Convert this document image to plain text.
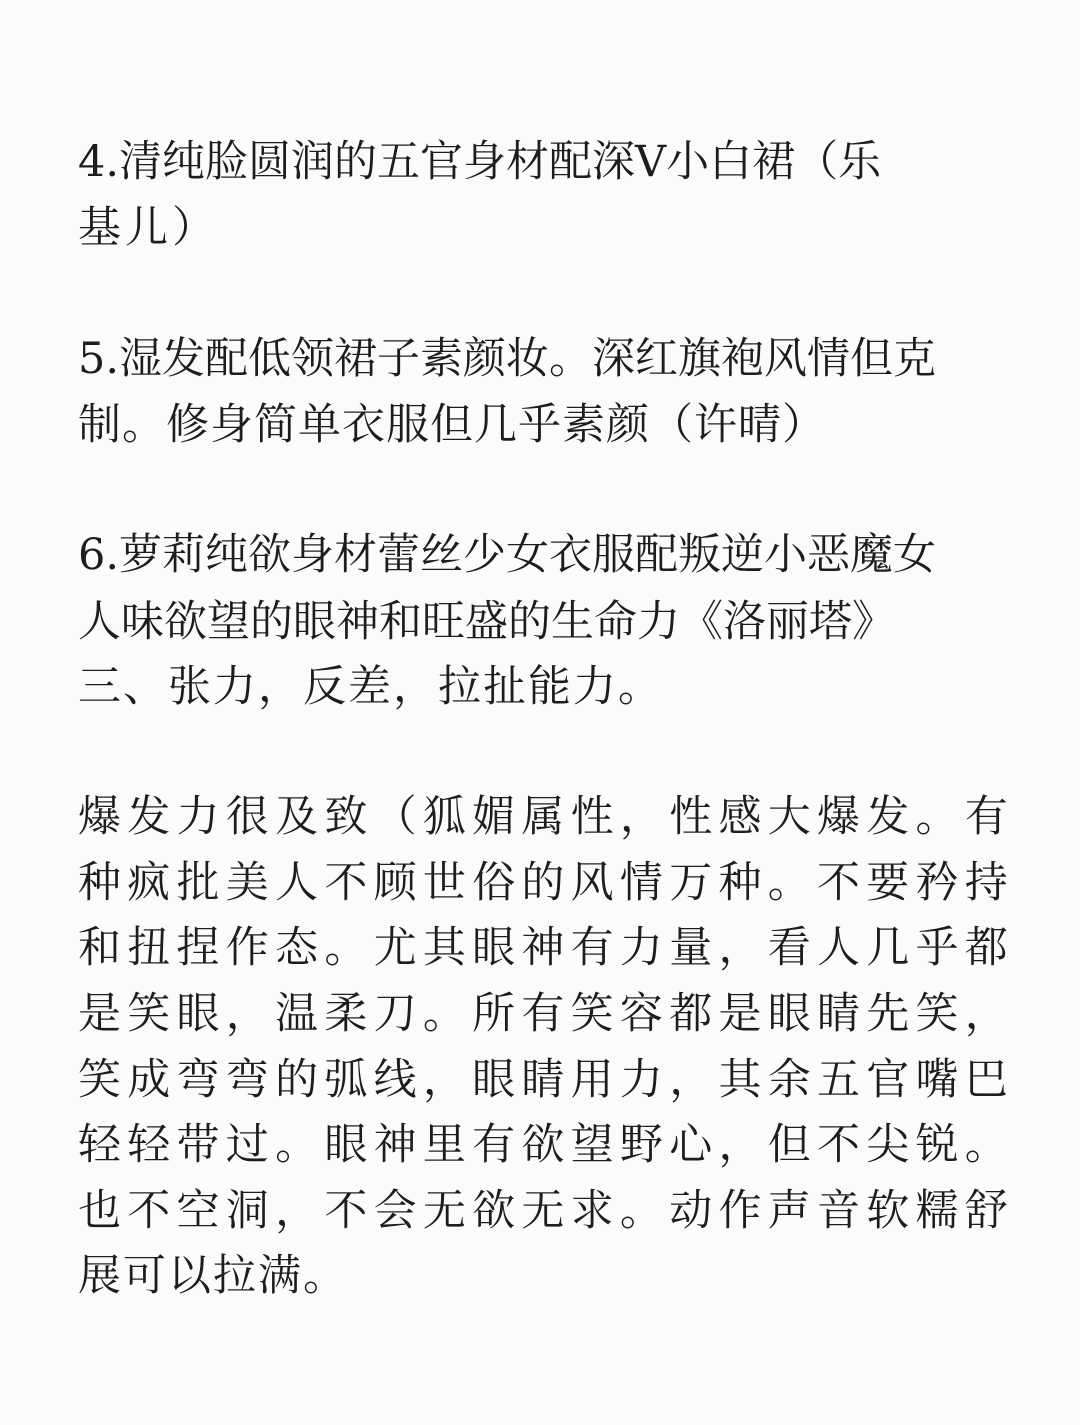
4.清纯脸圆润的五官身材配深V小白裙（乐
基儿）
5.湿发配低领裙子素颜妆。深红旗袍风情但克
制。修身简单衣服但几乎素颜（许晴）
6.萝莉纯欲身材蕾丝少女衣服配叛逆小恶魔女
人味欲望的眼神和旺盛的生命力《洛丽塔》
三、张力，反差，拉扯能力。
爆 发 力 很 及 致 （ 狐 媚 属 性 ， 性 感 大 爆 发 。 有
种 疯 批 美 人 不 顾 世 俗 的 风 情 万 种 。 不 要 矜 持
和 扭 捏 作 态 。 尤 其 眼 神 有 力 量 ， 看 人 几 乎 都
是 笑 眼 ， 温 柔 刀 。 所 有 笑 容 都 是 眼 睛 先 笑 ，
笑 成 弯 弯 的 弧 线 ， 眼 睛 用 力 ， 其 余 五 官 嘴 巴
轻 轻 带 过 。 眼 神 里 有 欲 望 野 心 ， 但 不 尖 锐 。
也 不 空 洞 ， 不 会 无 欲 无 求 。 动 作 声 音 软 糯 舒
展可以拉满。
